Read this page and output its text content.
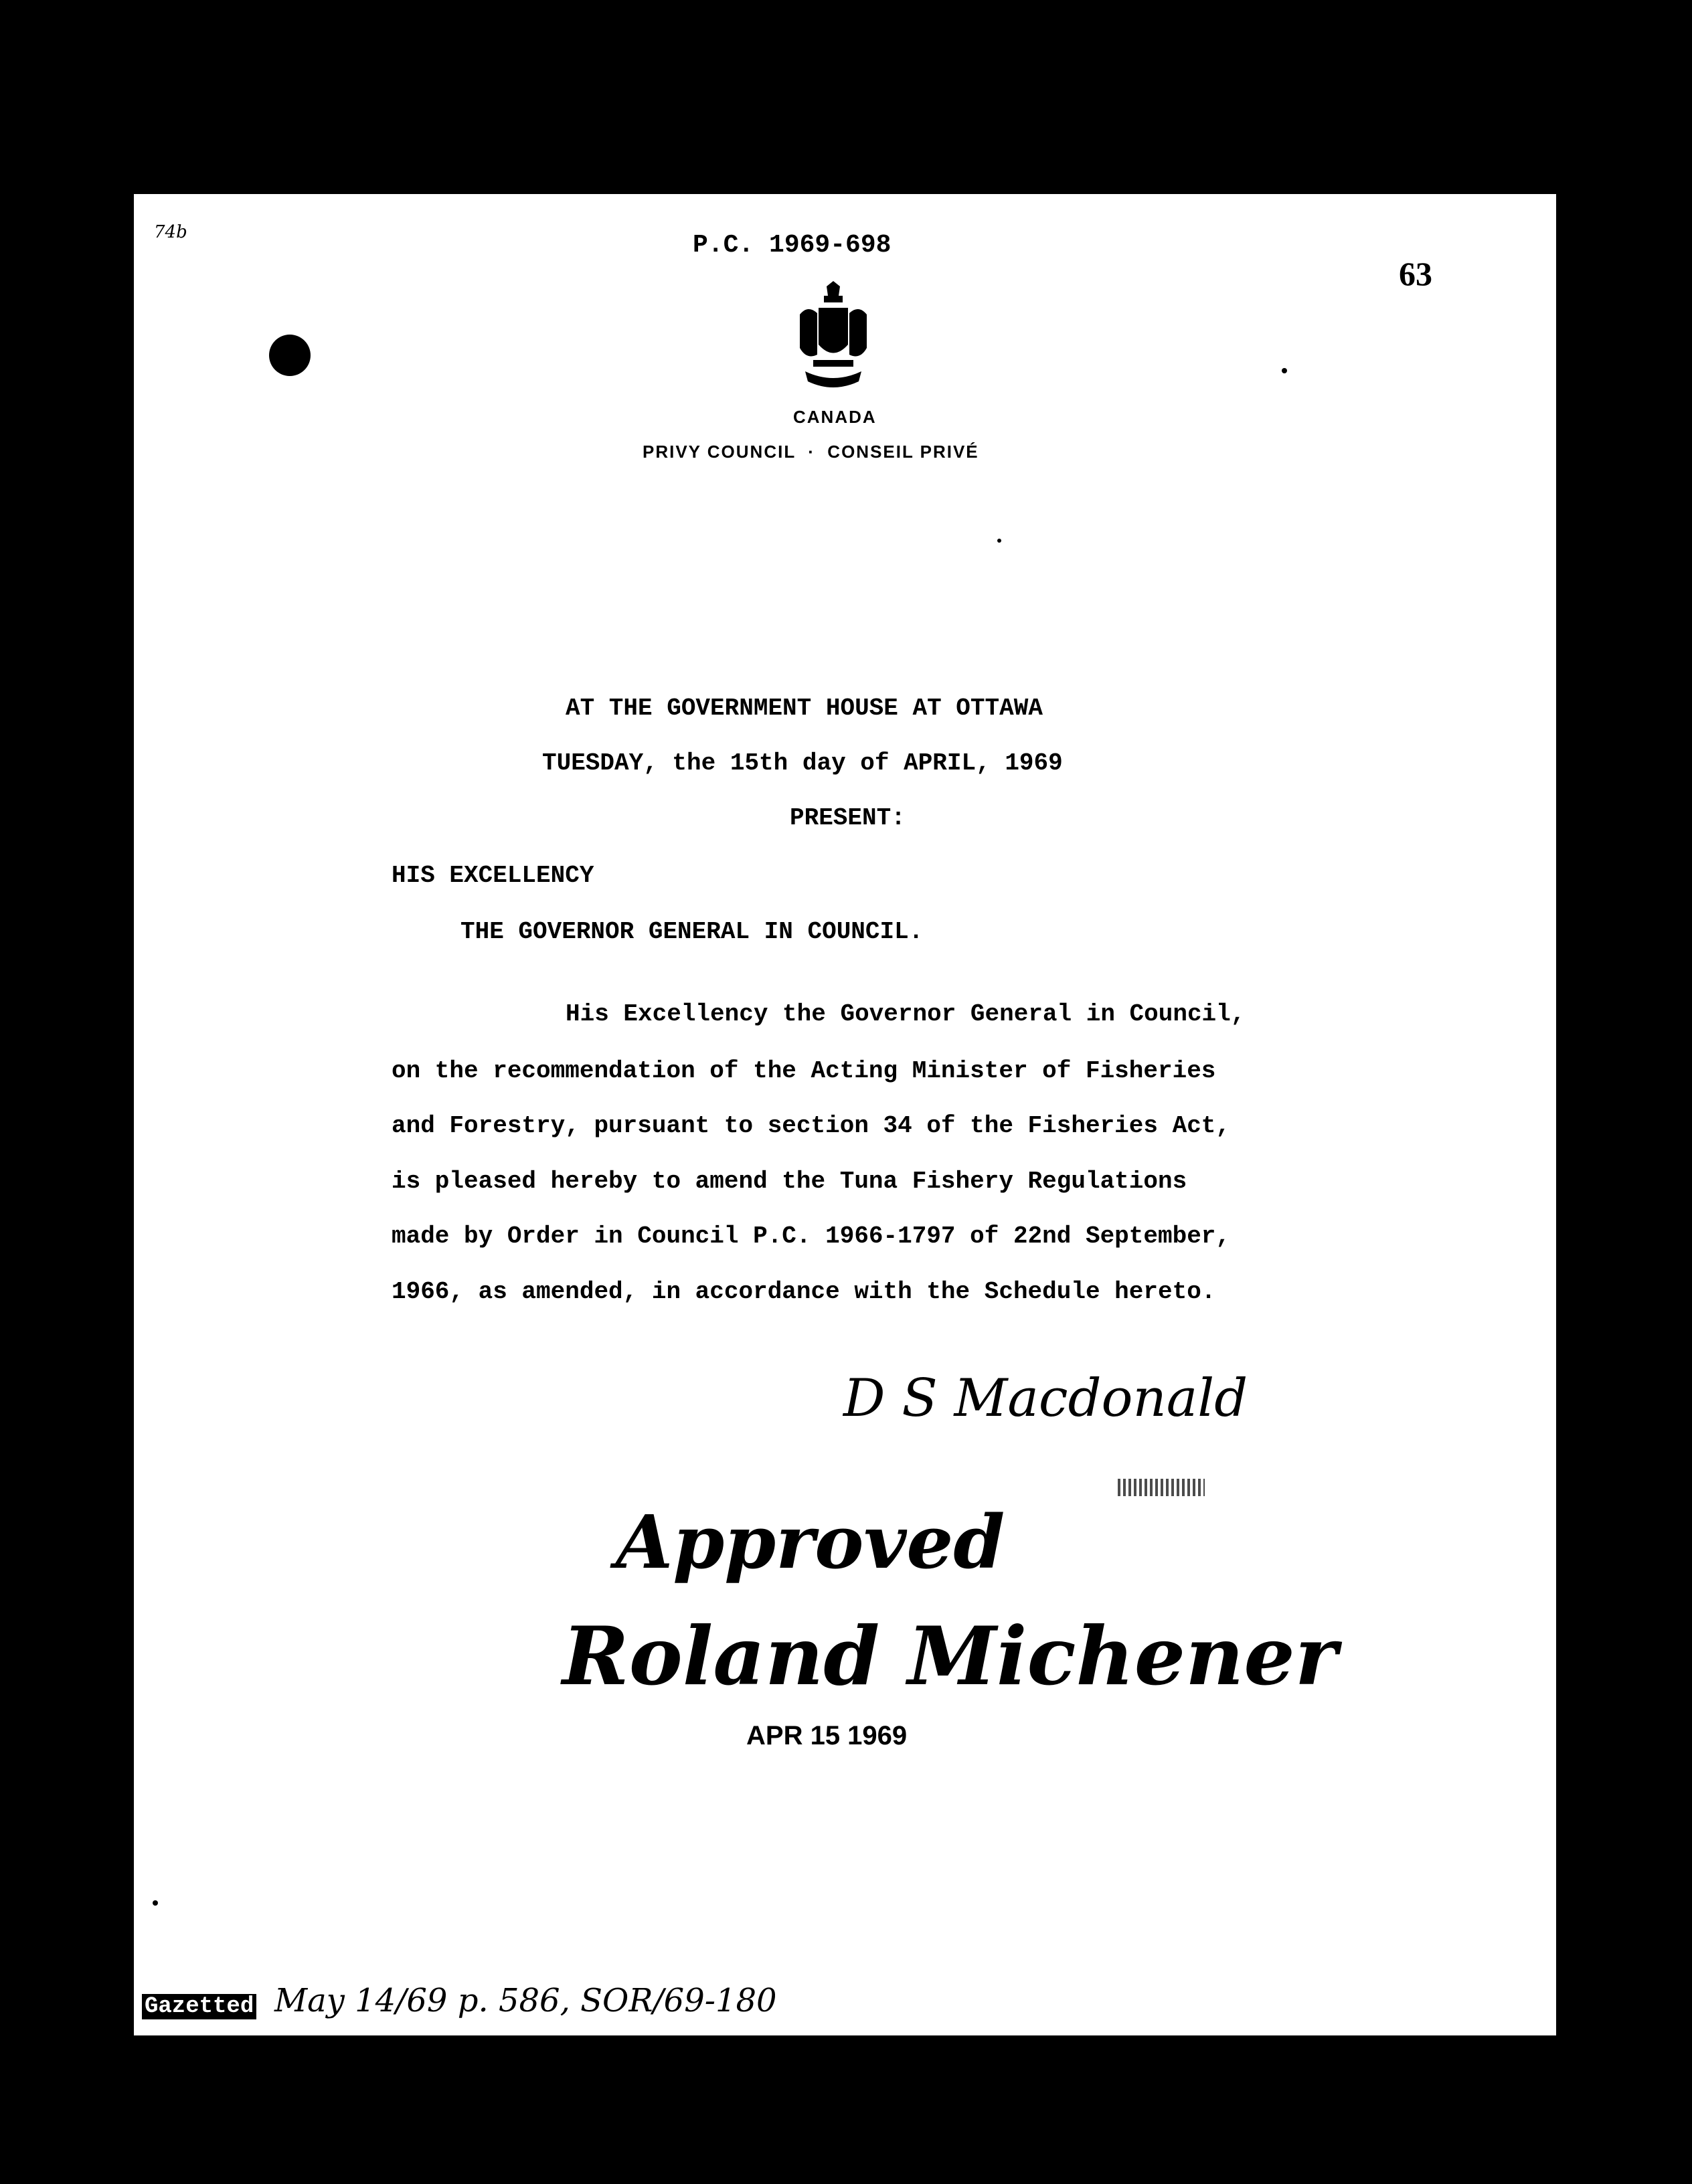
74b	P.C. 1969-698
63
CANADA
PRIVY COUNCIL  ·  CONSEIL PRIVÉ
AT THE GOVERNMENT HOUSE AT OTTAWA
TUESDAY, the 15th day of APRIL, 1969
PRESENT:
HIS EXCELLENCY
THE GOVERNOR GENERAL IN COUNCIL.
His Excellency the Governor General in Council,
on the recommendation of the Acting Minister of Fisheries
and Forestry, pursuant to section 34 of the Fisheries Act,
is pleased hereby to amend the Tuna Fishery Regulations
made by Order in Council P.C. 1966-1797 of 22nd September,
1966, as amended, in accordance with the Schedule hereto.
D S Macdonald
Approved
Roland Michener
APR 15 1969
S Fish. (c) 18-4-69
Gazetted May 14/69 p. 586, SOR/69-180
